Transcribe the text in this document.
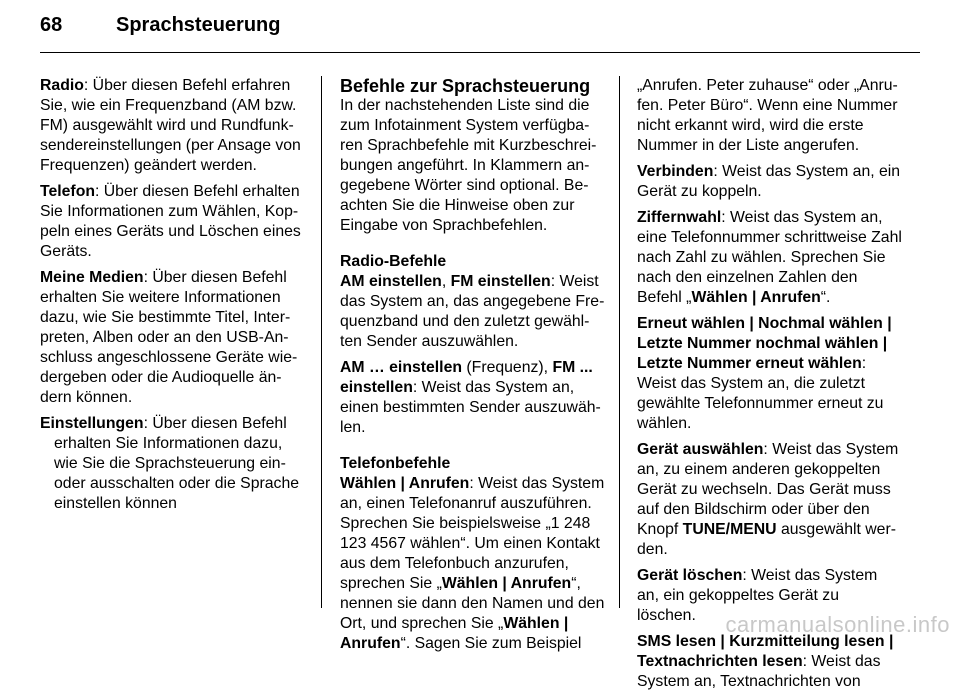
68	Sprachsteuerung

Radio: Über diesen Befehl erfahren Sie, wie ein Frequenzband (AM bzw. FM) ausgewählt wird und Rundfunksendereinstellungen (per Ansage von Frequenzen) geändert werden.

Telefon: Über diesen Befehl erhalten Sie Informationen zum Wählen, Koppeln eines Geräts und Löschen eines Geräts.

Meine Medien: Über diesen Befehl erhalten Sie weitere Informationen dazu, wie Sie bestimmte Titel, Interpreten, Alben oder an den USB-Anschluss angeschlossene Geräte wiedergeben oder die Audioquelle ändern können.

Einstellungen: Über diesen Befehl erhalten Sie Informationen dazu, wie Sie die Sprachsteuerung ein- oder ausschalten oder die Sprache einstellen können

Befehle zur Sprachsteuerung

In der nachstehenden Liste sind die zum Infotainment System verfügbaren Sprachbefehle mit Kurzbeschreibungen angeführt. In Klammern angegebene Wörter sind optional. Beachten Sie die Hinweise oben zur Eingabe von Sprachbefehlen.

Radio-Befehle

AM einstellen, FM einstellen: Weist das System an, das angegebene Frequenzband und den zuletzt gewählten Sender auszuwählen.

AM … einstellen (Frequenz), FM ... einstellen: Weist das System an, einen bestimmten Sender auszuwählen.

Telefonbefehle

Wählen | Anrufen: Weist das System an, einen Telefonanruf auszuführen. Sprechen Sie beispielsweise „1 248 123 4567 wählen“. Um einen Kontakt aus dem Telefonbuch anzurufen, sprechen Sie „Wählen | Anrufen“, nennen sie dann den Namen und den Ort, und sprechen Sie „Wählen | Anrufen“. Sagen Sie zum Beispiel

„Anrufen. Peter zuhause“ oder „Anrufen. Peter Büro“. Wenn eine Nummer nicht erkannt wird, wird die erste Nummer in der Liste angerufen.

Verbinden: Weist das System an, ein Gerät zu koppeln.

Ziffernwahl: Weist das System an, eine Telefonnummer schrittweise Zahl nach Zahl zu wählen. Sprechen Sie nach den einzelnen Zahlen den Befehl „Wählen | Anrufen“.

Erneut wählen | Nochmal wählen | Letzte Nummer nochmal wählen | Letzte Nummer erneut wählen: Weist das System an, die zuletzt gewählte Telefonnummer erneut zu wählen.

Gerät auswählen: Weist das System an, zu einem anderen gekoppelten Gerät zu wechseln. Das Gerät muss auf den Bildschirm oder über den Knopf TUNE/MENU ausgewählt werden.

Gerät löschen: Weist das System an, ein gekoppeltes Gerät zu löschen.

SMS lesen | Kurzmitteilung lesen | Textnachrichten lesen: Weist das System an, Textnachrichten von

carmanualsonline.info
